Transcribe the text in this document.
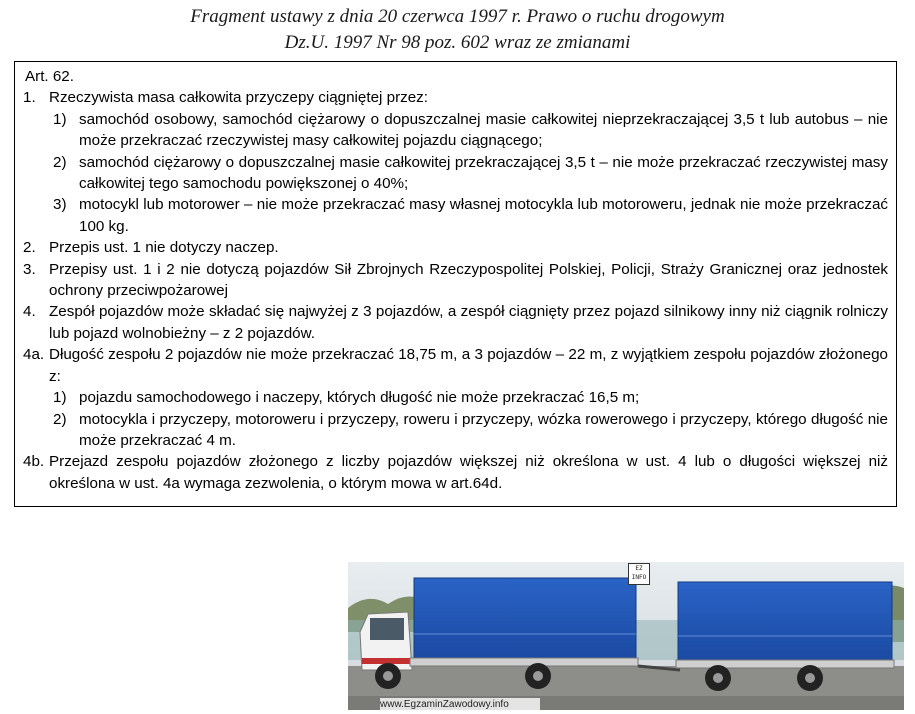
Fragment ustawy z dnia 20 czerwca 1997 r. Prawo o ruchu drogowym
Dz.U. 1997 Nr 98 poz. 602 wraz ze zmianami
Art. 62.
1. Rzeczywista masa całkowita przyczepy ciągniętej przez:
1) samochód osobowy, samochód ciężarowy o dopuszczalnej masie całkowitej nieprzekraczającej 3,5 t lub autobus – nie może przekraczać rzeczywistej masy całkowitej pojazdu ciągnącego;
2) samochód ciężarowy o dopuszczalnej masie całkowitej przekraczającej 3,5 t – nie może przekraczać rzeczywistej masy całkowitej tego samochodu powiększonej o 40%;
3) motocykl lub motorower – nie może przekraczać masy własnej motocykla lub motoroweru, jednak nie może przekraczać 100 kg.
2. Przepis ust. 1 nie dotyczy naczep.
3. Przepisy ust. 1 i 2 nie dotyczą pojazdów Sił Zbrojnych Rzeczypospolitej Polskiej, Policji, Straży Granicznej oraz jednostek ochrony przeciwpożarowej
4. Zespół pojazdów może składać się najwyżej z 3 pojazdów, a zespół ciągnięty przez pojazd silnikowy inny niż ciągnik rolniczy lub pojazd wolnobieżny – z 2 pojazdów.
4a. Długość zespołu 2 pojazdów nie może przekraczać 18,75 m, a 3 pojazdów – 22 m, z wyjątkiem zespołu pojazdów złożonego z:
1) pojazdu samochodowego i naczepy, których długość nie może przekraczać 16,5 m;
2) motocykla i przyczepy, motoroweru i przyczepy, roweru i przyczepy, wózka rowerowego i przyczepy, którego długość nie może przekraczać 4 m.
4b. Przejazd zespołu pojazdów złożonego z liczby pojazdów większej niż określona w ust. 4 lub o długości większej niż określona w ust. 4a wymaga zezwolenia, o którym mowa w art.64d.
EZ
INFO
www.EgzaminZawodowy.info
